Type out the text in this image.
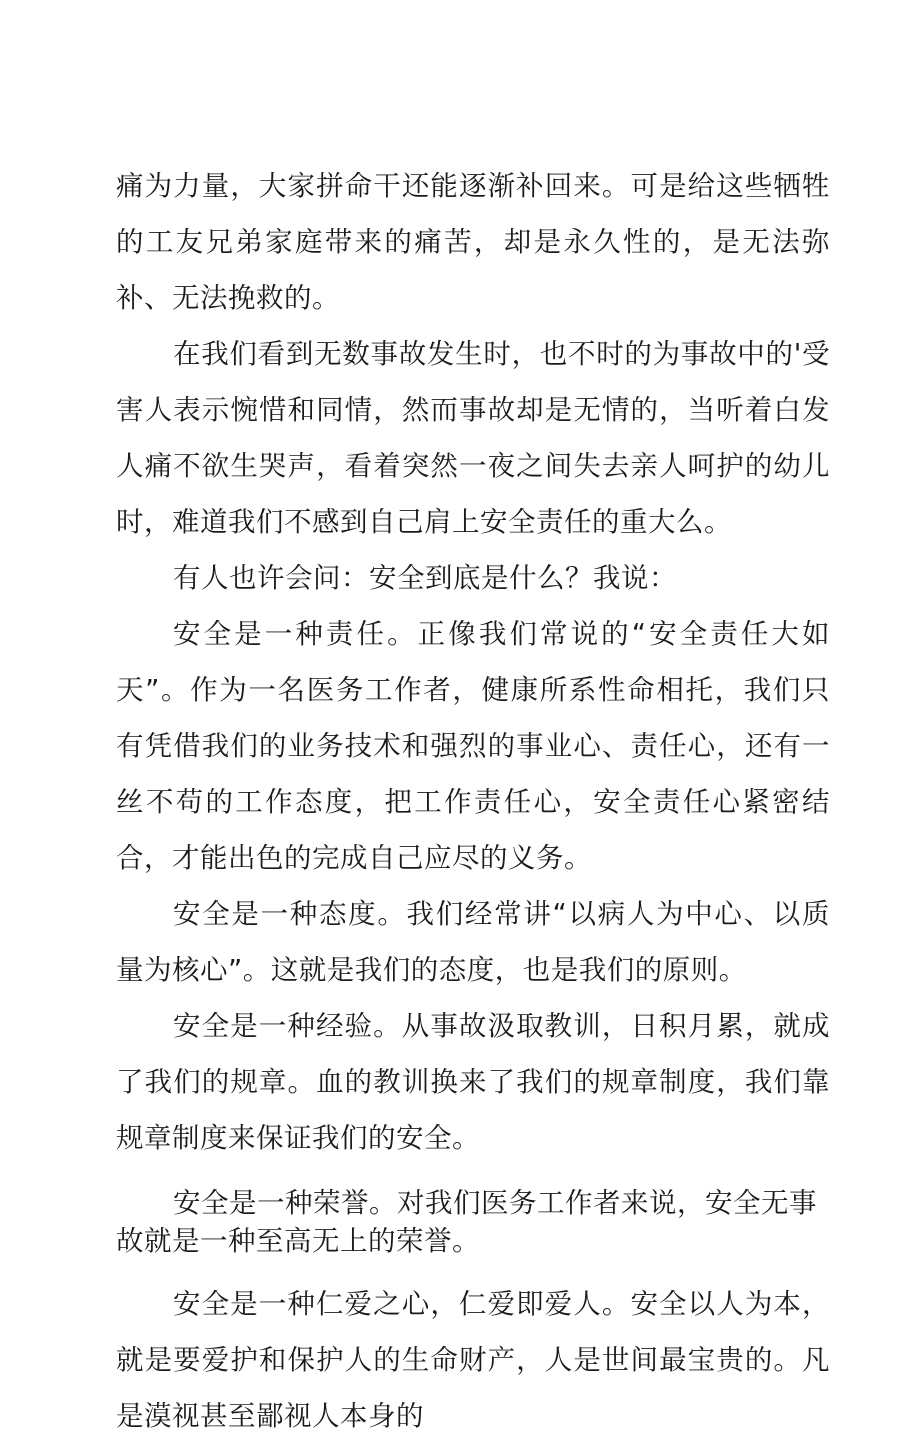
痛为力量，大家拼命干还能逐渐补回来。可是给这些牺牲的工友兄弟家庭带来的痛苦，却是永久性的，是无法弥补、无法挽救的。

在我们看到无数事故发生时，也不时的为事故中的'受害人表示惋惜和同情，然而事故却是无情的，当听着白发人痛不欲生哭声，看着突然一夜之间失去亲人呵护的幼儿时，难道我们不感到自己肩上安全责任的重大么。

有人也许会问：安全到底是什么？我说：

安全是一种责任。正像我们常说的“安全责任大如天”。作为一名医务工作者，健康所系性命相托，我们只有凭借我们的业务技术和强烈的事业心、责任心，还有一丝不苟的工作态度，把工作责任心，安全责任心紧密结合，才能出色的完成自己应尽的义务。

安全是一种态度。我们经常讲“以病人为中心、以质量为核心”。这就是我们的态度，也是我们的原则。

安全是一种经验。从事故汲取教训，日积月累，就成了我们的规章。血的教训换来了我们的规章制度，我们靠规章制度来保证我们的安全。

安全是一种荣誉。对我们医务工作者来说，安全无事故就是一种至高无上的荣誉。

安全是一种仁爱之心，仁爱即爱人。安全以人为本，就是要爱护和保护人的生命财产，人是世间最宝贵的。凡是漠视甚至鄙视人本身的
